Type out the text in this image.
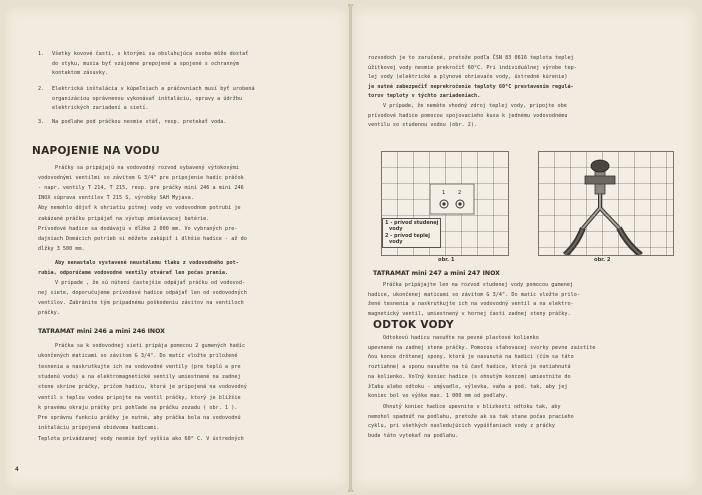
1. Všetky kovové časti, s ktorými sa obsluhujúca osoba môže dostať
do styku, musia byť vzájomne prepojené a spojené s ochranným
kontaktom zásuvky.
2. Elektrická inštalácia v kúpeľniach a práčovniach musí byť urobená
organizáciou oprávnenou vykonávať inštaláciu, opravy a údržbu
elektrických zariadení a sietí.
3. Na podlahe pod práčkou nesmie stáť, resp. pretekať voda.
NAPOJENIE NA VODU
Práčky sa pripájajú na vodovodný rozvod vybavený výtokovými
vodovodnými ventilmi so závitom G 3/4" pre pripojenie hadíc práčok
- napr. ventily T 214, T 215, resp. pre práčky mini 246 a mini 246
INOX súprava ventilov T 215 S, výrobky SAH Myjava.
Aby nemohlo dôjsť k ohriatiu pitnej vody vo vodovodnom potrubí je
zakázané práčku pripájať na výstup zmiešavacej batérie.
Prívodové hadice sa dodávajú v dĺžke 2 000 mm. Vo vybraných pre-
dajniach Domácich potrieb si môžete zakúpiť i dlhšie hadice - až do
dĺžky 3 500 mm.
Aby nenastalo vystavené neustálemu tlaku z vodovodného pot-
rubia, odporúčame vodovodné ventily otvárať len počas prania.
V prípade , že sú nútení častejšie odpájať práčku od vodovod-
nej siete, doporučujeme prívodové hadice odpájať len od vodovodných
ventilov. Zabránite tým prípadnému poškodeniu závitov na ventiloch
práčky.
TATRAMAT mini 246 a mini 246 INOX
Práčka sa k vodovodnej sieti pripája pomocou 2 gumených hadíc
ukončených maticami so závitom G 3/4". Do matíc vložte priložené
tesnenia a naskrutkujte ich na vodovodné ventily (pre teplú a pre
studenú vodu) a na elektromagnetické ventily umiestnené na zadnej
stene skrine práčky, pričom hadicu, ktorá je pripojená na vodovodný
ventil s teplou vodou pripojte na ventil práčky, ktorý je bližšie
k pravému okraju práčky pri pohľade na práčku zozadu ( obr. 1 ).
Pre správnu funkciu práčky je nutné, aby práčka bola na vodovodnú
inštaláciu pripojená obidvoma hadicami.
Teplota privádzanej vody nesmie byť vyššia ako 60° C. V ústredných
4
rozvodoch je to zaručené, pretože podľa ČSN 83 0616 teplota teplej
úžitkovej vody nesmie prekročiť 60°C. Pri individuálnej výrobe tep-
lej vody (elektrické a plynové ohrievače vody, ústredné kúrenie)
je nutné zabezpečiť neprekročenie teploty 60°C prestavením regulá-
torov teploty v týchto zariadeniach.
V prípade, že nemáte vhodný zdroj teplej vody, pripojte obe
prívodové hadice pomocou spojovacieho kusa k jednému vodovodnému
ventilu so studenou vodou (obr. 2).
1	2
1 - prívod studenej
vody
2 - prívod teplej
vody
obr. 1	obr. 2
TATRAMAT mini 247 a mini 247 INOX
Práčka pripájajte len na rozvod studenej vody pomocou gumenej
hadice, ukončenej maticami so závitom G 3/4". Do matíc vložte prilo-
žené tesnenia a naskrutkujte ich na vodovodný ventil a na elektro-
magnetický ventil, umiestnený v hornej časti zadnej steny práčky.
ODTOK VODY
Odtokovú hadicu nasuňte na pevné plastové kolienko
upevnené na zadnej stene práčky. Pomocou sťahovacej svorky pevne zaistite
ňou konce drôtenej spony, ktorá je nasunutá na hadici (čím sa táto
roztiahne) a sponu nasuňte na tú časť hadice, ktorá je natiahnutá
na kolienko. Voľný koniec hadice (s ohnutým koncom) umiestnite do
žľabu alebo odtoku - umývadlo, výlevka, vaňa a pod. tak, aby jej
koniec bol vo výške max. 1 000 mm od podlahy.
Ohnutý koniec hadice upevnite v blízkosti odtoku tak, aby
nemohol spadnúť na podlahu, pretože ak sa tak stane počas pracieho
cyklu, pri všetkých nasledujúcich vypúšťaniach vody z práčky
bude táto vytekať na podlahu.
